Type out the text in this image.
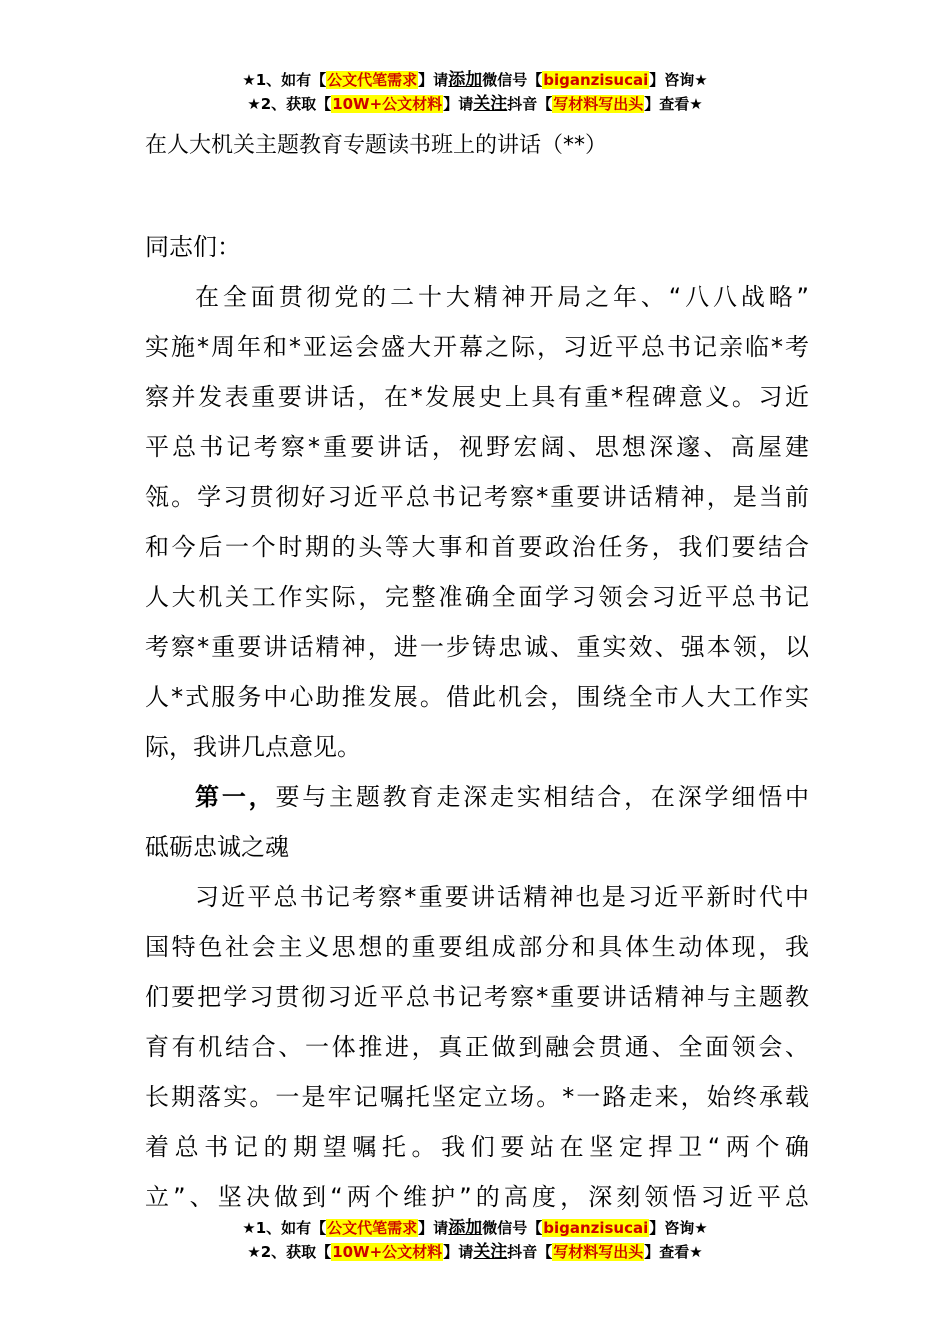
★1、如有【公文代笔需求】请添加微信号【biganzisucai】咨询★
★2、获取【10W+公文材料】请关注抖音【写材料写出头】查看★
在人大机关主题教育专题读书班上的讲话（**）
同志们：
在全面贯彻党的二十大精神开局之年、“八八战略”
实施*周年和*亚运会盛大开幕之际，习近平总书记亲临*考
察并发表重要讲话，在*发展史上具有重*程碑意义。习近
平总书记考察*重要讲话，视野宏阔、思想深邃、高屋建
瓴。学习贯彻好习近平总书记考察*重要讲话精神，是当前
和今后一个时期的头等大事和首要政治任务，我们要结合
人大机关工作实际，完整准确全面学习领会习近平总书记
考察*重要讲话精神，进一步铸忠诚、重实效、强本领，以
人*式服务中心助推发展。借此机会，围绕全市人大工作实
际，我讲几点意见。
第一，要与主题教育走深走实相结合，在深学细悟中
砥砺忠诚之魂
习近平总书记考察*重要讲话精神也是习近平新时代中
国特色社会主义思想的重要组成部分和具体生动体现，我
们要把学习贯彻习近平总书记考察*重要讲话精神与主题教
育有机结合、一体推进，真正做到融会贯通、全面领会、
长期落实。一是牢记嘱托坚定立场。*一路走来，始终承载
着总书记的期望嘱托。我们要站在坚定捍卫“两个确
立”、坚决做到“两个维护”的高度，深刻领悟习近平总
★1、如有【公文代笔需求】请添加微信号【biganzisucai】咨询★
★2、获取【10W+公文材料】请关注抖音【写材料写出头】查看★
